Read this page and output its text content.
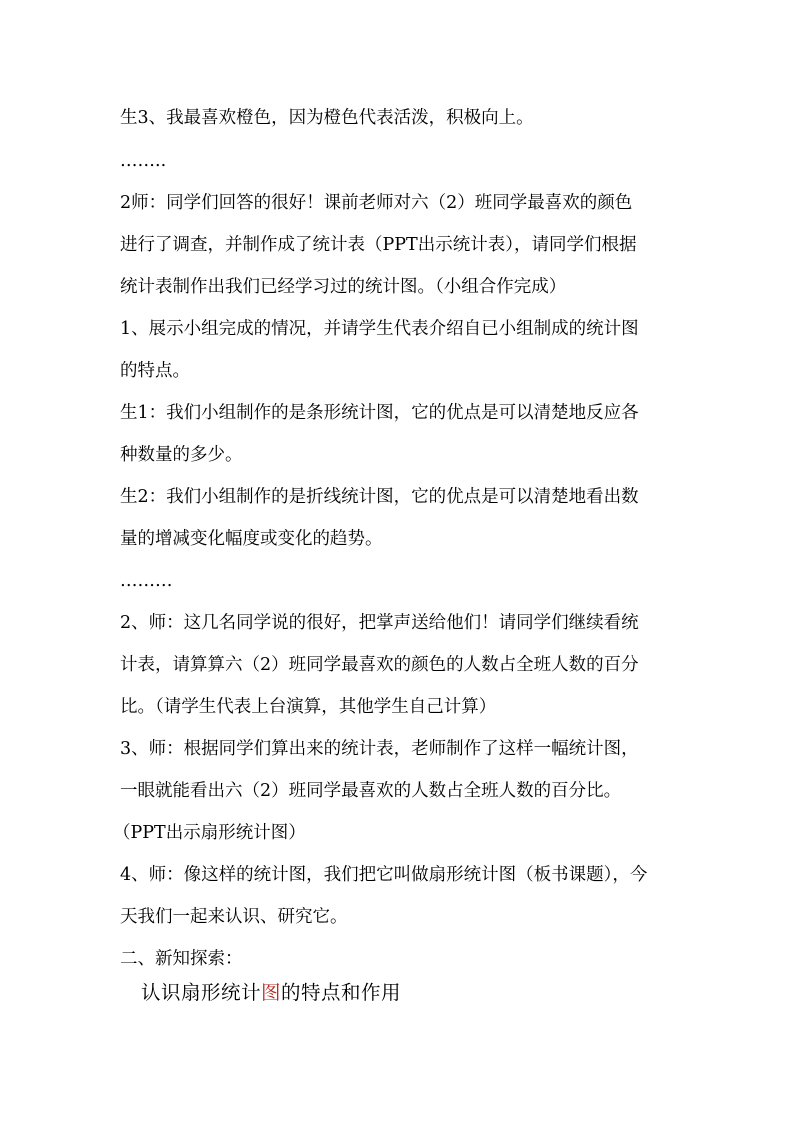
生3、我最喜欢橙色，因为橙色代表活泼，积极向上。
……..
2师：同学们回答的很好！课前老师对六（2）班同学最喜欢的颜色
进行了调查，并制作成了统计表（PPT出示统计表），请同学们根据
统计表制作出我们已经学习过的统计图。（小组合作完成）
1、展示小组完成的情况，并请学生代表介绍自已小组制成的统计图
的特点。
生1：我们小组制作的是条形统计图，它的优点是可以清楚地反应各
种数量的多少。
生2：我们小组制作的是折线统计图，它的优点是可以清楚地看出数
量的增减变化幅度或变化的趋势。
………
2、师：这几名同学说的很好，把掌声送给他们！请同学们继续看统
计表，请算算六（2）班同学最喜欢的颜色的人数占全班人数的百分
比。（请学生代表上台演算，其他学生自己计算）
3、师：根据同学们算出来的统计表，老师制作了这样一幅统计图，
一眼就能看出六（2）班同学最喜欢的人数占全班人数的百分比。
（PPT出示扇形统计图）
4、师：像这样的统计图，我们把它叫做扇形统计图（板书课题），今
天我们一起来认识、研究它。
二、新知探索：
认识扇形统计图的特点和作用
